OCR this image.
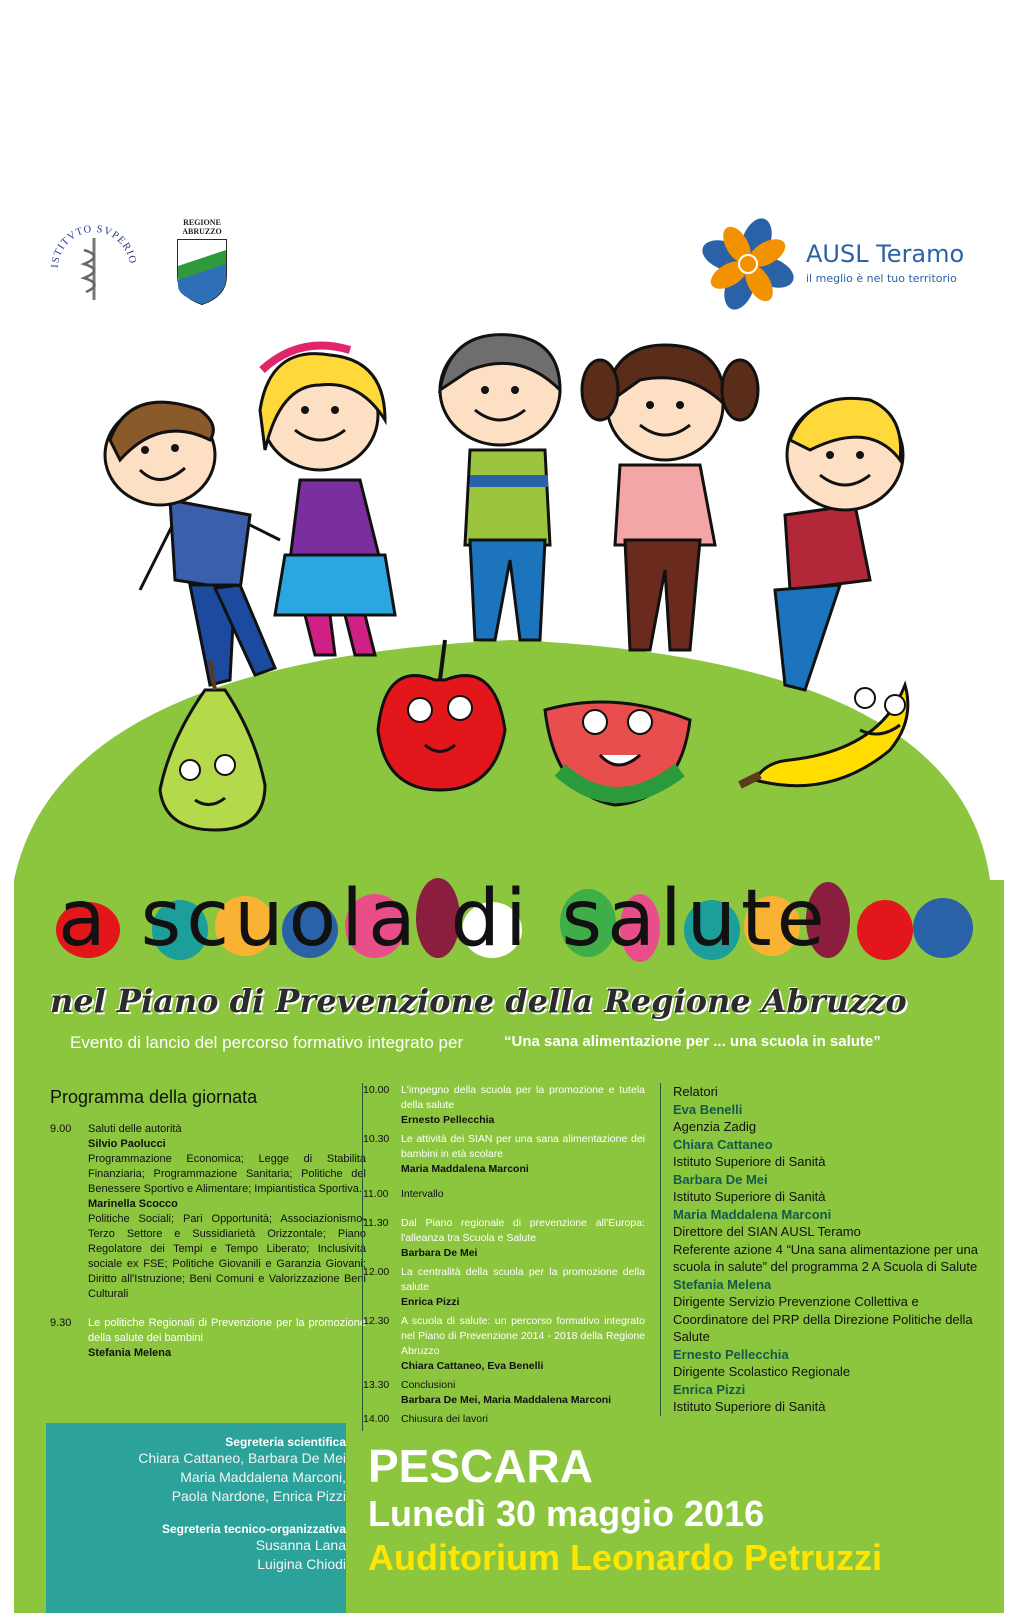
ISTITVTO SVPERIO
REGIONE
ABRUZZO
AUSL Teramo
il meglio è nel tuo territorio
a scuola di salute
nel Piano di Prevenzione della Regione Abruzzo
Evento di lancio del percorso formativo integrato per	“Una sana alimentazione per ... una scuola in salute”
Programma della giornata
9.00	Saluti delle autorità
Silvio Paolucci
Programmazione Economica; Legge di Stabilità Finanziaria; Programmazione Sanitaria; Politiche del Benessere Sportivo e Alimentare; Impiantistica Sportiva.
Marinella Scocco
Politiche Sociali; Pari Opportunità; Associazionismo-Terzo Settore e Sussidiarietà Orizzontale; Piano Regolatore dei Tempi e Tempo Liberato; Inclusività sociale ex FSE; Politiche Giovanili e Garanzia Giovani; Diritto all'Istruzione; Beni Comuni e Valorizzazione Beni Culturali
9.30	Le politiche Regionali di Prevenzione per la promozione della salute dei bambini
Stefania Melena
10.00	L'impegno della scuola per la promozione e tutela della salute
Ernesto Pellecchia
10.30	Le attività dei SIAN per una sana alimentazione dei bambini in età scolare
Maria Maddalena Marconi
11.00	Intervallo
11.30	Dal Piano regionale di prevenzione all'Europa: l'alleanza tra Scuola e Salute
Barbara De Mei
12.00	La centralità della scuola per la promozione della salute
Enrica Pizzi
12.30	A scuola di salute: un percorso formativo integrato nel Piano di Prevenzione 2014 - 2018 della Regione Abruzzo
Chiara Cattaneo, Eva Benelli
13.30	Conclusioni
Barbara De Mei, Maria Maddalena Marconi
14.00	Chiusura dei lavori
Relatori
Eva Benelli
Agenzia Zadig
Chiara Cattaneo
Istituto Superiore di Sanità
Barbara De Mei
Istituto Superiore di Sanità
Maria Maddalena Marconi
Direttore del SIAN AUSL Teramo
Referente azione 4 “Una sana alimentazione per una scuola in salute” del programma 2 A Scuola di Salute
Stefania Melena
Dirigente Servizio Prevenzione Collettiva e Coordinatore del PRP della Direzione Politiche della Salute
Ernesto Pellecchia
Dirigente Scolastico Regionale
Enrica Pizzi
Istituto Superiore di Sanità
Segreteria scientifica
Chiara Cattaneo, Barbara De Mei
Maria Maddalena Marconi,
Paola Nardone, Enrica Pizzi
Segreteria tecnico-organizzativa
Susanna Lana
Luigina Chiodi
PESCARA
Lunedì 30 maggio 2016
Auditorium Leonardo Petruzzi
